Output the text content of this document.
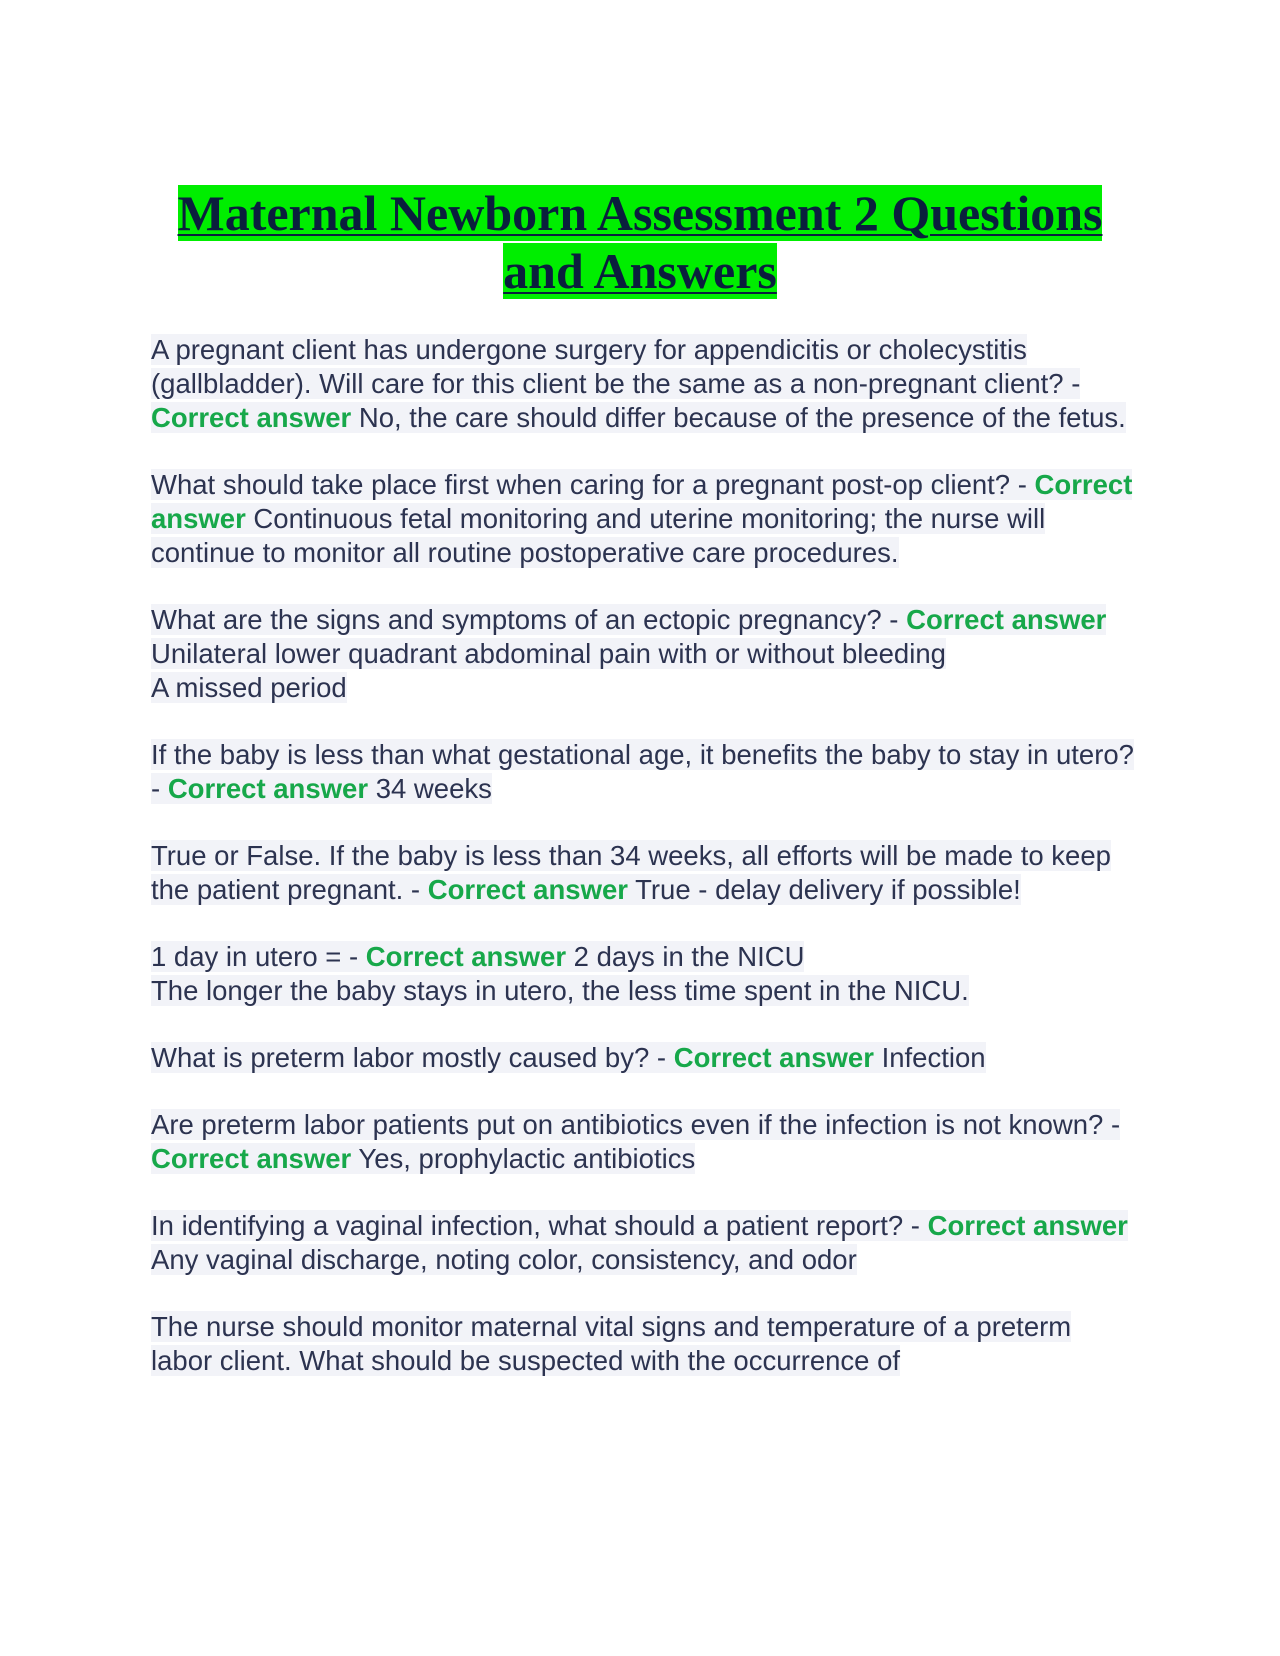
Maternal Newborn Assessment 2 Questions and Answers

A pregnant client has undergone surgery for appendicitis or cholecystitis (gallbladder). Will care for this client be the same as a non-pregnant client? - Correct answer No, the care should differ because of the presence of the fetus.

What should take place first when caring for a pregnant post-op client? - Correct answer Continuous fetal monitoring and uterine monitoring; the nurse will continue to monitor all routine postoperative care procedures.

What are the signs and symptoms of an ectopic pregnancy? - Correct answer Unilateral lower quadrant abdominal pain with or without bleeding
A missed period

If the baby is less than what gestational age, it benefits the baby to stay in utero? - Correct answer 34 weeks

True or False. If the baby is less than 34 weeks, all efforts will be made to keep the patient pregnant. - Correct answer True - delay delivery if possible!

1 day in utero = - Correct answer 2 days in the NICU
The longer the baby stays in utero, the less time spent in the NICU.

What is preterm labor mostly caused by? - Correct answer Infection

Are preterm labor patients put on antibiotics even if the infection is not known? - Correct answer Yes, prophylactic antibiotics

In identifying a vaginal infection, what should a patient report? - Correct answer Any vaginal discharge, noting color, consistency, and odor

The nurse should monitor maternal vital signs and temperature of a preterm labor client. What should be suspected with the occurrence of
